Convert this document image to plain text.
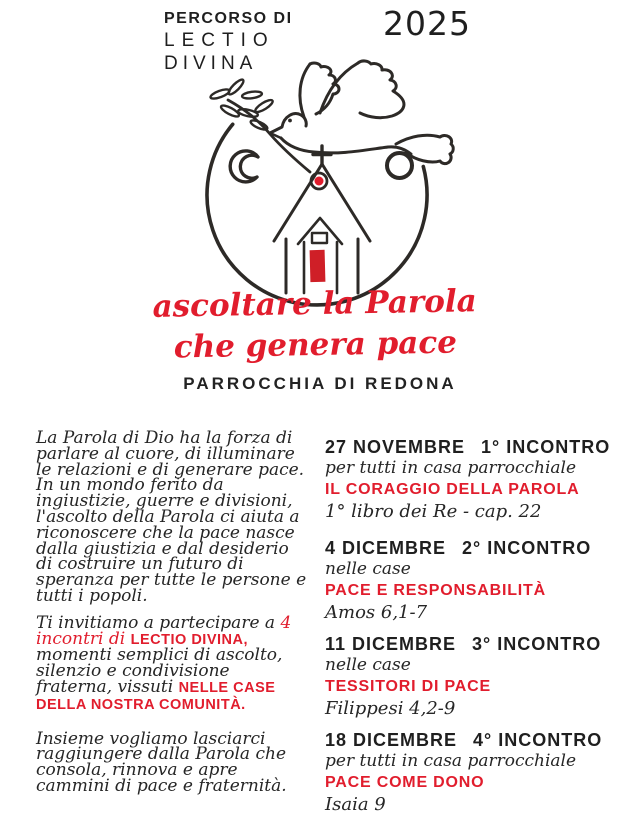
PERCORSO DI
LECTIO
DIVINA
2025
ascoltare la Parola
che genera pace
PARROCCHIA DI REDONA

La Parola di Dio ha la forza di parlare al cuore, di illuminare le relazioni e di generare pace.

In un mondo ferito da ingiustizie, guerre e divisioni, l'ascolto della Parola ci aiuta a riconoscere che la pace nasce dalla giustizia e dal desiderio di costruire un futuro di speranza per tutte le persone e tutti i popoli.

Ti invitiamo a partecipare a 4 incontri di LECTIO DIVINA, momenti semplici di ascolto, silenzio e condivisione fraterna, vissuti NELLE CASE DELLA NOSTRA COMUNITÀ.

Insieme vogliamo lasciarci raggiungere dalla Parola che consola, rinnova e apre cammini di pace e fraternità.

27 NOVEMBRE 1° INCONTRO
per tutti in casa parrocchiale
IL CORAGGIO DELLA PAROLA
1° libro dei Re - cap. 22
4 DICEMBRE 2° INCONTRO
nelle case
PACE E RESPONSABILITÀ
Amos 6,1-7
11 DICEMBRE 3° INCONTRO
nelle case
TESSITORI DI PACE
Filippesi 4,2-9
18 DICEMBRE 4° INCONTRO
per tutti in casa parrocchiale
PACE COME DONO
Isaia 9
